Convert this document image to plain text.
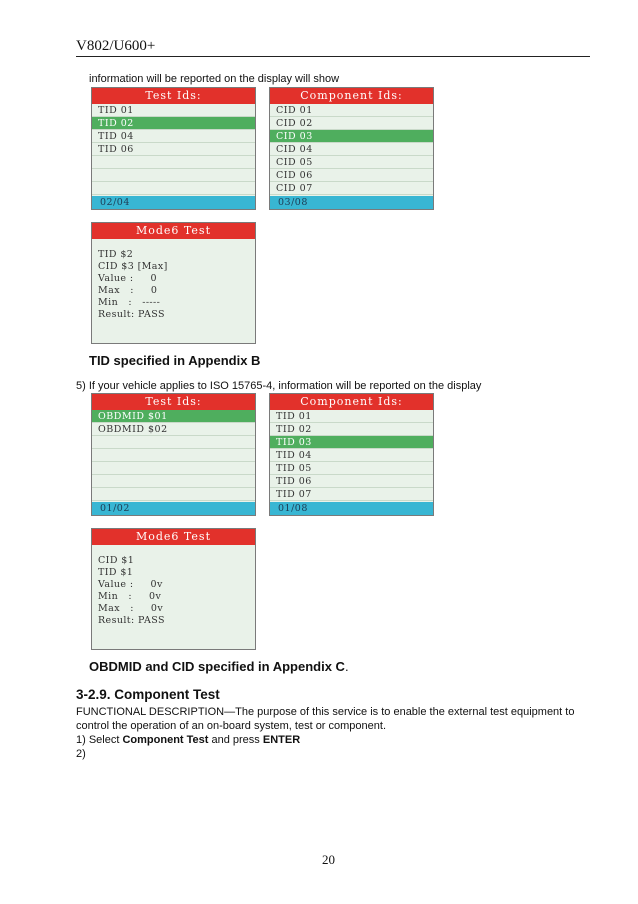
V802/U600+
information will be reported on the display will show
Test Ids:
TID 01
TID 02
TID 04
TID 06
02/04
Component Ids:
CID 01
CID 02
CID 03
CID 04
CID 05
CID 06
CID 07
03/08
Mode6 Test
TID $2
CID $3 [Max]
Value :     0
Max   :     0
Min   :   -----
Result: PASS
TID specified in Appendix B
5) If your vehicle applies to ISO 15765-4, information will be reported on the display
Test Ids:
OBDMID $01
OBDMID $02
01/02
Component Ids:
TID 01
TID 02
TID 03
TID 04
TID 05
TID 06
TID 07
01/08
Mode6 Test
CID $1
TID $1
Value :     0v
Min   :     0v
Max   :     0v
Result: PASS
OBDMID and CID specified in Appendix C.
3-2.9. Component Test
FUNCTIONAL DESCRIPTION—The purpose of this service is to enable the external test equipment to
control the operation of an on-board system, test or component.
1) Select Component Test and press ENTER
2)
20
